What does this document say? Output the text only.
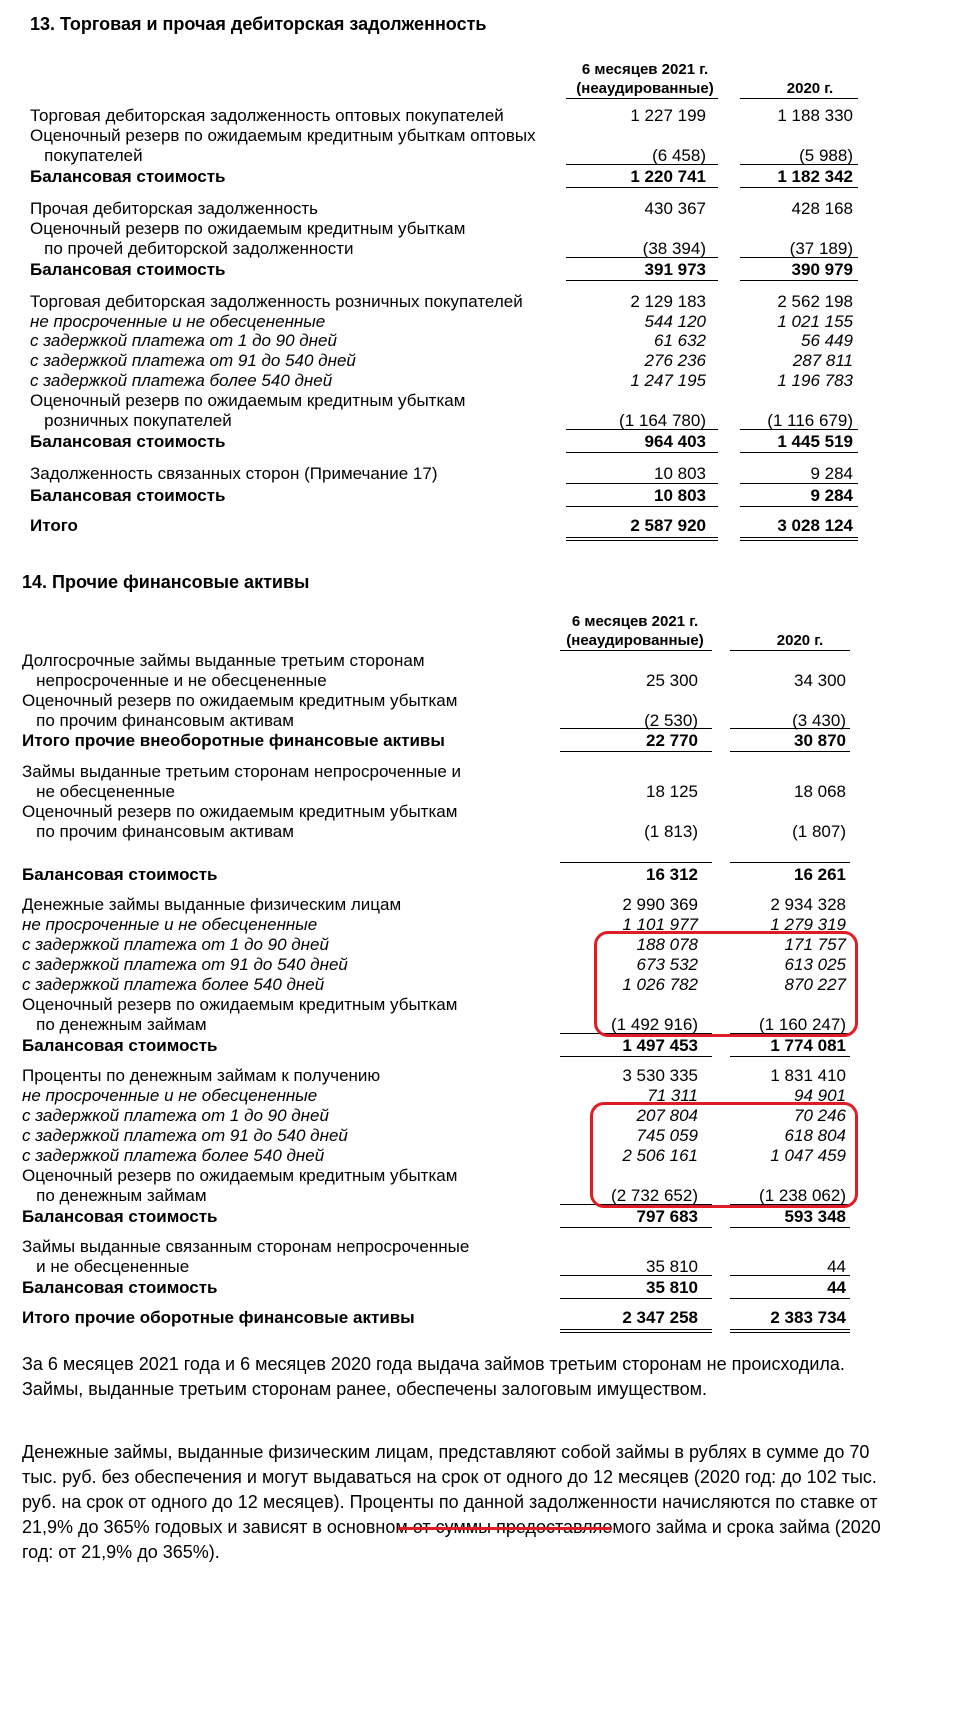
13. Торговая и прочая дебиторская задолженность
6 месяцев 2021 г.
(неаудированные)	2020 г.
Торговая дебиторская задолженность оптовых покупателей	1 227 199	1 188 330
Оценочный резерв по ожидаемым кредитным убыткам оптовых
покупателей	(6 458)	(5 988)
Балансовая стоимость	1 220 741	1 182 342
Прочая дебиторская задолженность	430 367	428 168
Оценочный резерв по ожидаемым кредитным убыткам
по прочей дебиторской задолженности	(38 394)	(37 189)
Балансовая стоимость	391 973	390 979
Торговая дебиторская задолженность розничных покупателей	2 129 183	2 562 198
не просроченные и не обесцененные	544 120	1 021 155
с задержкой платежа от 1 до 90 дней	61 632	56 449
с задержкой платежа от 91 до 540 дней	276 236	287 811
с задержкой платежа более 540 дней	1 247 195	1 196 783
Оценочный резерв по ожидаемым кредитным убыткам
розничных покупателей	(1 164 780)	(1 116 679)
Балансовая стоимость	964 403	1 445 519
Задолженность связанных сторон (Примечание 17)	10 803	9 284
Балансовая стоимость	10 803	9 284
Итого	2 587 920	3 028 124
14. Прочие финансовые активы
6 месяцев 2021 г.
(неаудированные)	2020 г.
Долгосрочные займы выданные третьим сторонам
непросроченные и не обесцененные	25 300	34 300
Оценочный резерв по ожидаемым кредитным убыткам
по прочим финансовым активам	(2 530)	(3 430)
Итого прочие внеоборотные финансовые активы	22 770	30 870
Займы выданные третьим сторонам непросроченные и
не обесцененные	18 125	18 068
Оценочный резерв по ожидаемым кредитным убыткам
по прочим финансовым активам	(1 813)	(1 807)
Балансовая стоимость	16 312	16 261
Денежные займы выданные физическим лицам	2 990 369	2 934 328
не просроченные и не обесцененные	1 101 977	1 279 319
с задержкой платежа от 1 до 90 дней	188 078	171 757
с задержкой платежа от 91 до 540 дней	673 532	613 025
с задержкой платежа более 540 дней	1 026 782	870 227
Оценочный резерв по ожидаемым кредитным убыткам
по денежным займам	(1 492 916)	(1 160 247)
Балансовая стоимость	1 497 453	1 774 081
Проценты по денежным займам к получению	3 530 335	1 831 410
не просроченные и не обесцененные	71 311	94 901
с задержкой платежа от 1 до 90 дней	207 804	70 246
с задержкой платежа от 91 до 540 дней	745 059	618 804
с задержкой платежа более 540 дней	2 506 161	1 047 459
Оценочный резерв по ожидаемым кредитным убыткам
по денежным займам	(2 732 652)	(1 238 062)
Балансовая стоимость	797 683	593 348
Займы выданные связанным сторонам непросроченные
и не обесцененные	35 810	44
Балансовая стоимость	35 810	44
Итого прочие оборотные финансовые активы	2 347 258	2 383 734
За 6 месяцев 2021 года и 6 месяцев 2020 года выдача займов третьим сторонам не происходила. Займы, выданные третьим сторонам ранее, обеспечены залоговым имуществом.
Денежные займы, выданные физическим лицам, представляют собой займы в рублях в сумме до 70 тыс. руб. без обеспечения и могут выдаваться на срок от одного до 12 месяцев (2020 год: до 102 тыс. руб. на срок от одного до 12 месяцев). Проценты по данной задолженности начисляются по ставке от 21,9% до 365% годовых и зависят в основном от суммы предоставляемого займа и срока займа (2020 год: от 21,9% до 365%).
